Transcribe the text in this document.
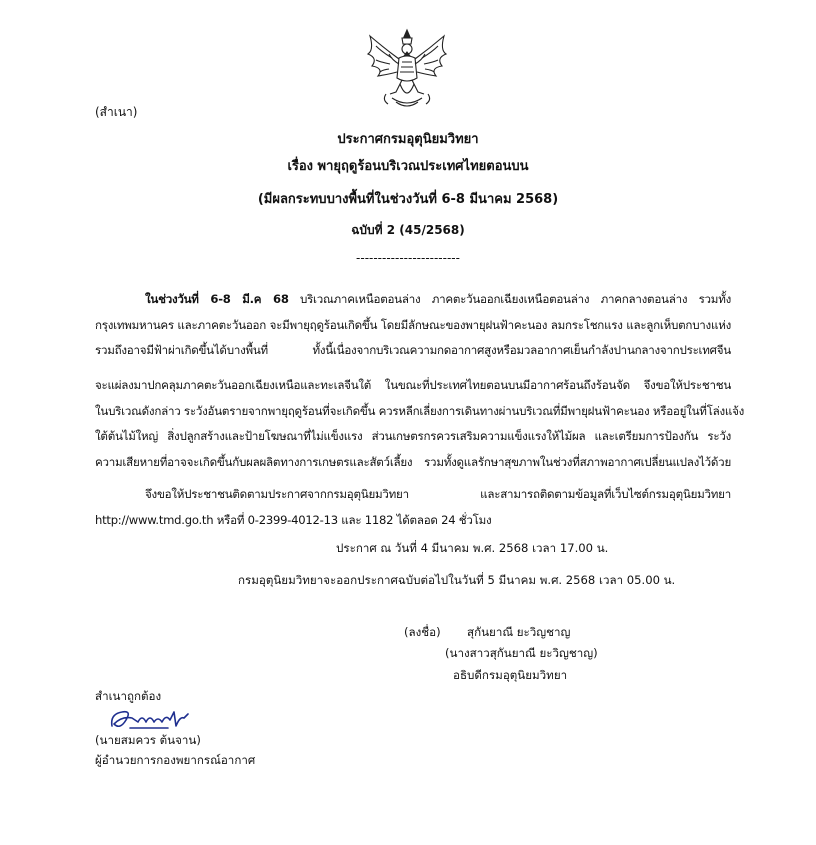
(สำเนา)
ประกาศกรมอุตุนิยมวิทยา
เรื่อง พายุฤดูร้อนบริเวณประเทศไทยตอนบน
(มีผลกระทบบางพื้นที่ในช่วงวันที่ 6-8 มีนาคม 2568)
ฉบับที่ 2 (45/2568)
------------------------
ในช่วงวันที่ 6-8 มี.ค 68 บริเวณภาคเหนือตอนล่าง ภาคตะวันออกเฉียงเหนือตอนล่าง ภาคกลางตอนล่าง รวมทั้ง
กรุงเทพมหานคร และภาคตะวันออก จะมีพายุฤดูร้อนเกิดขึ้น โดยมีลักษณะของพายุฝนฟ้าคะนอง ลมกระโชกแรง และลูกเห็บตกบางแห่ง
รวมถึงอาจมีฟ้าผ่าเกิดขึ้นได้บางพื้นที่ ทั้งนี้เนื่องจากบริเวณความกดอากาศสูงหรือมวลอากาศเย็นกำลังปานกลางจากประเทศจีน
จะแผ่ลงมาปกคลุมภาคตะวันออกเฉียงเหนือและทะเลจีนใต้ ในขณะที่ประเทศไทยตอนบนมีอากาศร้อนถึงร้อนจัด จึงขอให้ประชาชน
ในบริเวณดังกล่าว ระวังอันตรายจากพายุฤดูร้อนที่จะเกิดขึ้น ควรหลีกเลี่ยงการเดินทางผ่านบริเวณที่มีพายุฝนฟ้าคะนอง หรืออยู่ในที่โล่งแจ้ง
ใต้ต้นไม้ใหญ่ สิ่งปลูกสร้างและป้ายโฆษณาที่ไม่แข็งแรง ส่วนเกษตรกรควรเสริมความแข็งแรงให้ไม้ผล และเตรียมการป้องกัน ระวัง
ความเสียหายที่อาจจะเกิดขึ้นกับผลผลิตทางการเกษตรและสัตว์เลี้ยง รวมทั้งดูแลรักษาสุขภาพในช่วงที่สภาพอากาศเปลี่ยนแปลงไว้ด้วย
จึงขอให้ประชาชนติดตามประกาศจากกรมอุตุนิยมวิทยา และสามารถติดตามข้อมูลที่เว็บไซต์กรมอุตุนิยมวิทยา
http://www.tmd.go.th หรือที่ 0-2399-4012-13 และ 1182 ได้ตลอด 24 ชั่วโมง
ประกาศ ณ วันที่ 4 มีนาคม พ.ศ. 2568 เวลา 17.00 น.
กรมอุตุนิยมวิทยาจะออกประกาศฉบับต่อไปในวันที่ 5 มีนาคม พ.ศ. 2568 เวลา 05.00 น.
(ลงชื่อ) สุกันยาณี ยะวิญชาญ
(นางสาวสุกันยาณี ยะวิญชาญ)
อธิบดีกรมอุตุนิยมวิทยา
สำเนาถูกต้อง
(นายสมควร ต้นจาน)
ผู้อำนวยการกองพยากรณ์อากาศ
